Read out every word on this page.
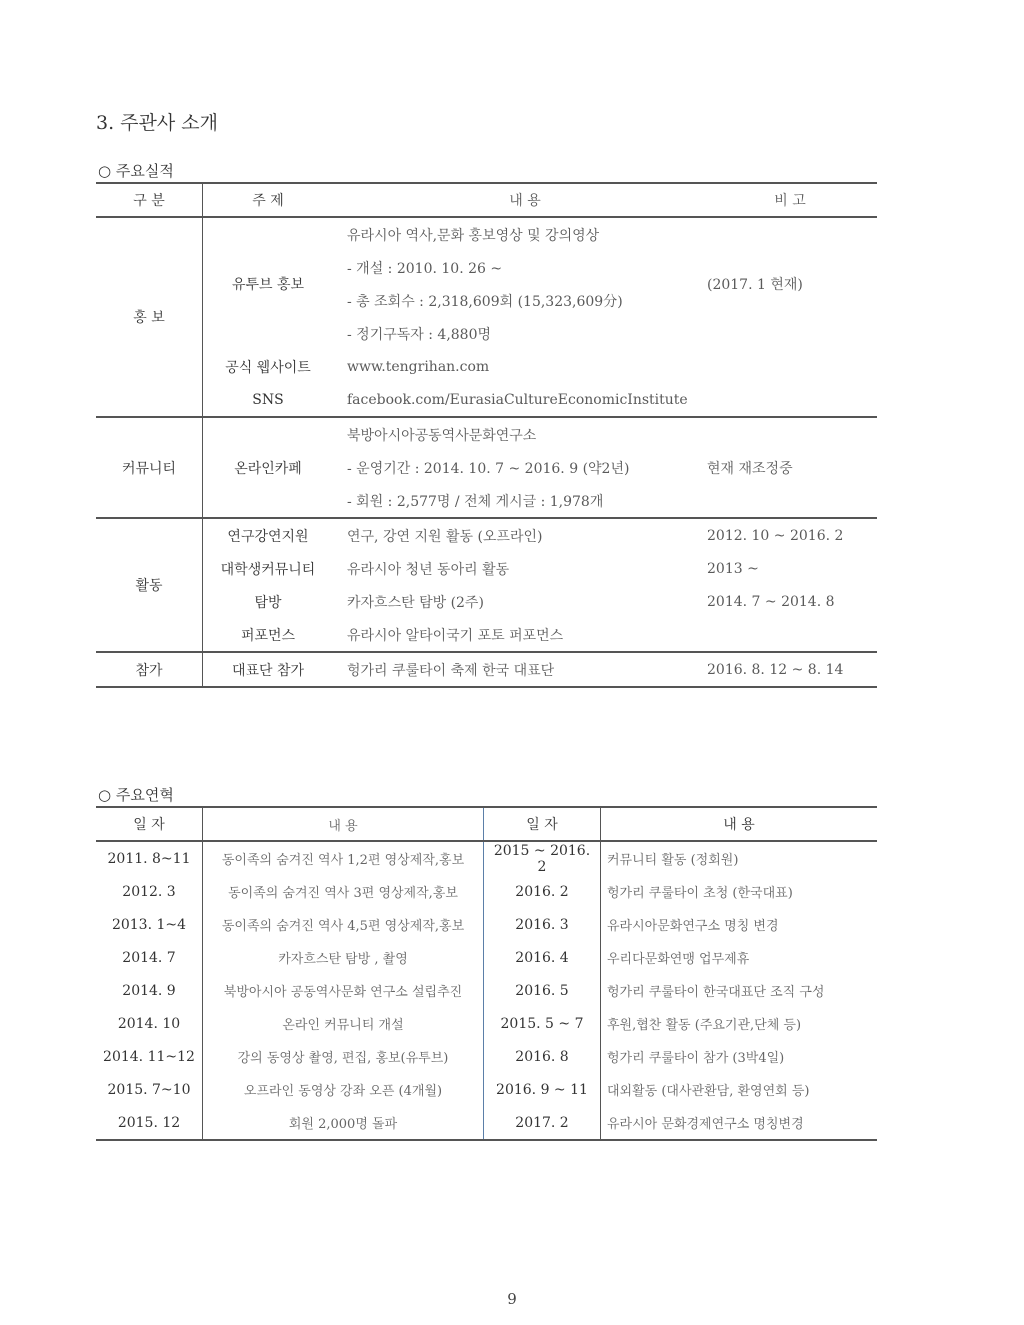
3. 주관사 소개
○ 주요실적
구 분	주 제	내 용	비 고
홍 보	유투브 홍보	유라시아 역사,문화 홍보영상 및 강의영상	(2017. 1 현재)
		- 개설 : 2010. 10. 26 ~	
		- 총 조회수 : 2,318,609회 (15,323,609分)	
		- 정기구독자 : 4,880명	
	공식 웹사이트	www.tengrihan.com	
	SNS	facebook.com/EurasiaCultureEconomicInstitute	
커뮤니티	온라인카페	북방아시아공동역사문화연구소	현재 재조정중
		- 운영기간 : 2014. 10. 7 ~ 2016. 9 (약2년)	
		- 회원 : 2,577명 / 전체 게시글 : 1,978개	
활동	연구강연지원	연구, 강연 지원 활동 (오프라인)	2012. 10 ~ 2016. 2
	대학생커뮤니티	유라시아 청년 동아리 활동	2013 ~
	탐방	카자흐스탄 탐방 (2주)	2014. 7 ~ 2014. 8
	퍼포먼스	유라시아 알타이국기 포토 퍼포먼스	
참가	대표단 참가	헝가리 쿠룰타이 축제 한국 대표단	2016. 8. 12 ~ 8. 14
○ 주요연혁
일 자	내 용	일 자	내 용
2011. 8~11	동이족의 숨겨진 역사 1,2편 영상제작,홍보	2015 ~ 2016. 2	커뮤니티 활동 (정회원)
2012. 3	동이족의 숨겨진 역사 3편 영상제작,홍보	2016. 2	헝가리 쿠룰타이 초청 (한국대표)
2013. 1~4	동이족의 숨겨진 역사 4,5편 영상제작,홍보	2016. 3	유라시아문화연구소 명칭 변경
2014. 7	카자흐스탄 탐방 , 촬영	2016. 4	우리다문화연맹 업무제휴
2014. 9	북방아시아 공동역사문화 연구소 설립추진	2016. 5	헝가리 쿠룰타이 한국대표단 조직 구성
2014. 10	온라인 커뮤니티 개설	2015. 5 ~ 7	후원,협찬 활동 (주요기관,단체 등)
2014. 11~12	강의 동영상 촬영, 편집, 홍보(유투브)	2016. 8	헝가리 쿠룰타이 참가 (3박4일)
2015. 7~10	오프라인 동영상 강좌 오픈 (4개월)	2016. 9 ~ 11	대외활동 (대사관환담, 환영연회 등)
2015. 12	회원 2,000명 돌파	2017. 2	유라시아 문화경제연구소 명칭변경
9
